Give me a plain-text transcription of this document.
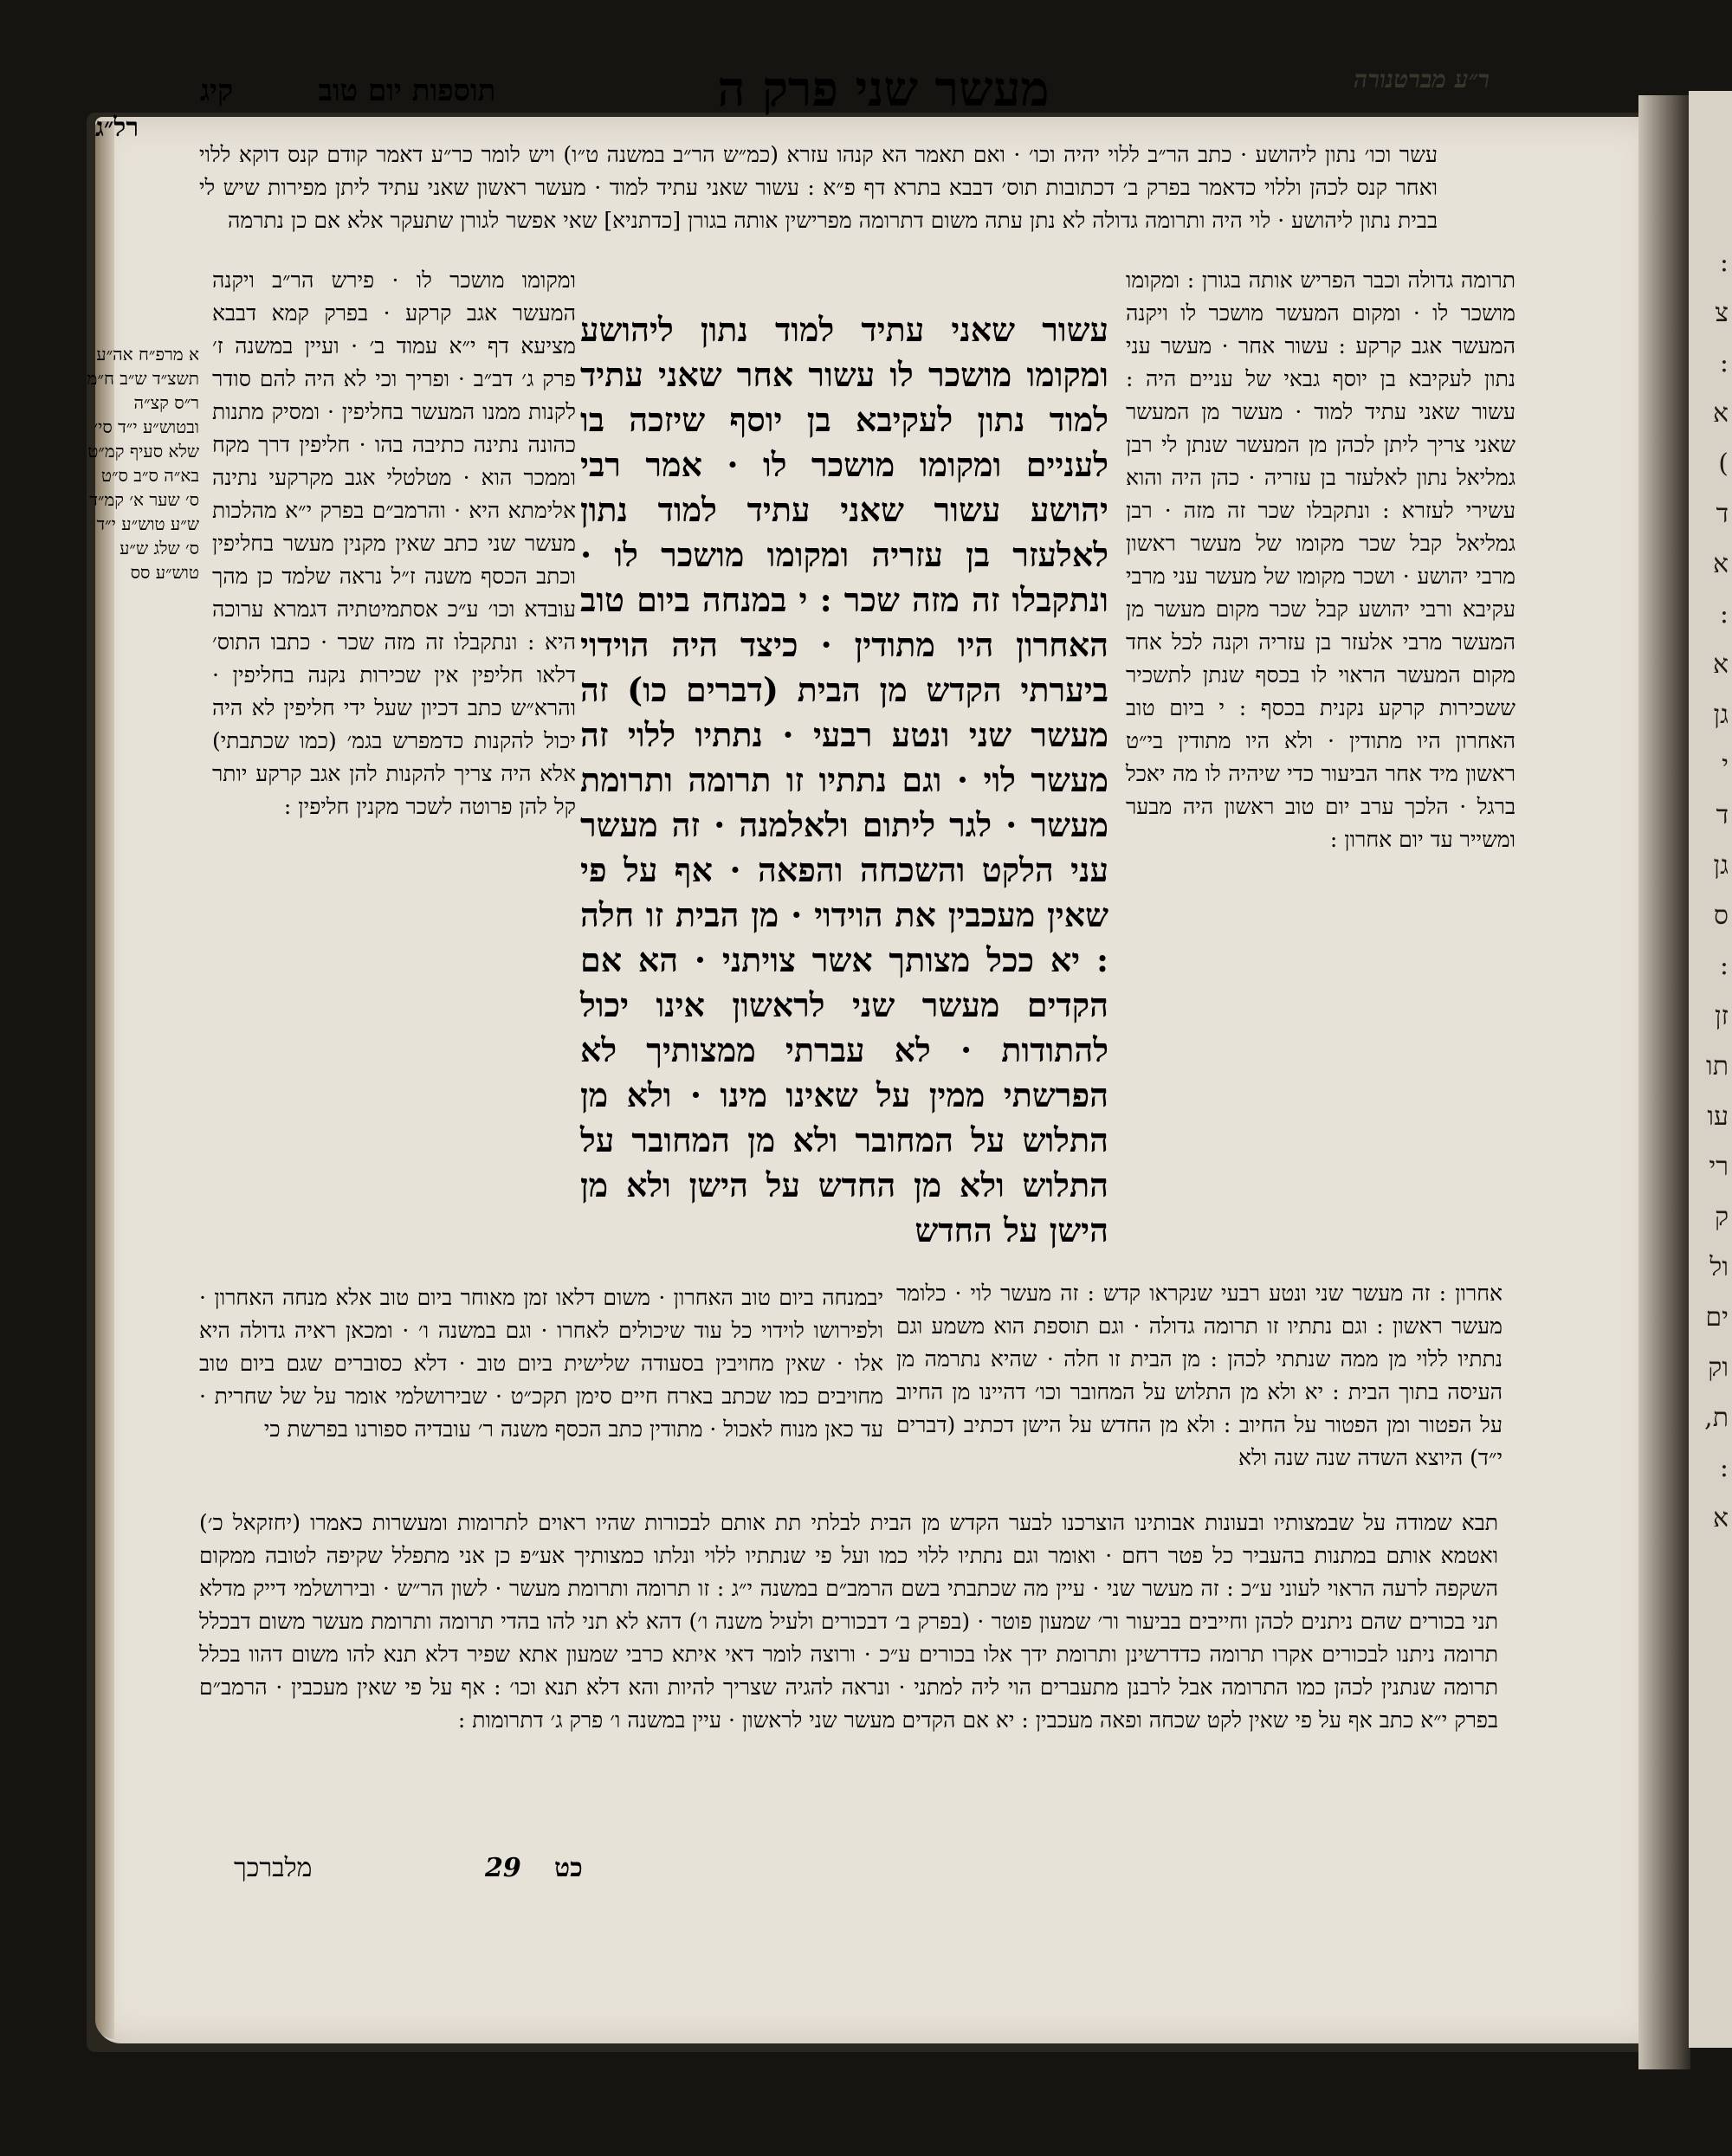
:
צ
:
א
)
ד
א
:
א
גן
י
ד
גן
ס
:
זן
תו
עו
רי
ק
ול
ים
וק
ת,
:
א
מעשר שני פרק ה
תוספות יום טוב
קיג	ר״ע מברטנורה
רל״ג
עשר וכו׳ נתון ליהושע · כתב הר״ב ללוי יהיה וכו׳ · ואם תאמר הא קנהו עזרא (כמ״ש הר״ב במשנה ט״ו) ויש לומר כר״ע דאמר קודם קנס דוקא ללוי ואחר קנס לכהן וללוי כדאמר בפרק ב׳ דכתובות תוס׳ דבבא בתרא דף פ״א : עשור שאני עתיד למוד · מעשר ראשון שאני עתיד ליתן מפירות שיש לי בבית נתון ליהושע · לוי היה ותרומה גדולה לא נתן עתה משום דתרומה מפרישין אותה בגורן [כדתניא] שאי אפשר לגורן שתעקר אלא אם כן נתרמה
תרומה גדולה וכבר הפריש אותה בגורן : ומקומו מושכר לו · ומקום המעשר מושכר לו ויקנה המעשר אגב קרקע : עשור אחר · מעשר עני נתון לעקיבא בן יוסף גבאי של עניים היה : עשור שאני עתיד למוד · מעשר מן המעשר שאני צריך ליתן לכהן מן המעשר שנתן לי רבן גמליאל נתון לאלעזר בן עזריה · כהן היה והוא עשירי לעזרא : ונתקבלו שכר זה מזה · רבן גמליאל קבל שכר מקומו של מעשר ראשון מרבי יהושע · ושכר מקומו של מעשר עני מרבי עקיבא ורבי יהושע קבל שכר מקום מעשר מן המעשר מרבי אלעזר בן עזריה וקנה לכל אחד מקום המעשר הראוי לו בכסף שנתן לתשכיר ששכירות קרקע נקנית בכסף : י ביום טוב האחרון היו מתודין · ולא היו מתודין בי״ט ראשון מיד אחר הביעור כדי שיהיה לו מה יאכל ברגל · הלכך ערב יום טוב ראשון היה מבער ומשייר עד יום אחרון :
עשור שאני עתיד למוד נתון ליהושע ומקומו מושכר לו עשור אחר שאני עתיד למוד נתון לעקיבא בן יוסף שיזכה בו לעניים ומקומו מושכר לו · אמר רבי יהושע עשור שאני עתיד למוד נתון לאלעזר בן עזריה ומקומו מושכר לו · ונתקבלו זה מזה שכר : י במנחה ביום טוב האחרון היו מתודין · כיצד היה הוידוי ביערתי הקדש מן הבית (דברים כו) זה מעשר שני ונטע רבעי · נתתיו ללוי זה מעשר לוי · וגם נתתיו זו תרומה ותרומת מעשר · לגר ליתום ולאלמנה · זה מעשר עני הלקט והשכחה והפאה · אף על פי שאין מעכבין את הוידוי · מן הבית זו חלה : יא ככל מצותך אשר צויתני · הא אם הקדים מעשר שני לראשון אינו יכול להתודות · לא עברתי ממצותיך לא הפרשתי ממין על שאינו מינו · ולא מן התלוש על המחובר ולא מן המחובר על התלוש ולא מן החדש על הישן ולא מן הישן על החדש
ומקומו מושכר לו · פירש הר״ב ויקנה המעשר אגב קרקע · בפרק קמא דבבא מציעא דף י״א עמוד ב׳ · ועיין במשנה ז׳ פרק ג׳ דב״ב · ופריך וכי לא היה להם סודר לקנות ממנו המעשר בחליפין · ומסיק מתנות כהונה נתינה כתיבה בהו · חליפין דרך מקח וממכר הוא · מטלטלי אגב מקרקעי נתינה אלימתא היא · והרמב״ם בפרק י״א מהלכות מעשר שני כתב שאין מקנין מעשר בחליפין וכתב הכסף משנה ז״ל נראה שלמד כן מהך עובדא וכו׳ ע״כ אסתמיטתיה דגמרא ערוכה היא : ונתקבלו זה מזה שכר · כתבו התוס׳ דלאו חליפין אין שכירות נקנה בחליפין · והרא״ש כתב דכיון שעל ידי חליפין לא היה יכול להקנות כדמפרש בגמ׳ (כמו שכתבתי) אלא היה צריך להקנות להן אגב קרקע יותר קל להן פרוטה לשכר מקנין חליפין :
א מרפ״ח אה״ע תשצ״ד ש״ב ח״מ ר״ס קצ״ה ובטוש״ע י״ד סי׳ שלא סעיף קמ״ט בא״ה ס״ב ס״ט ס׳ שער א׳ קמ״ד ש״ע טוש״ע י״ד ס׳ שלג ש״ע טוש״ע סס
אחרון : זה מעשר שני ונטע רבעי שנקראו קדש : זה מעשר לוי · כלומר מעשר ראשון : וגם נתתיו זו תרומה גדולה · וגם תוספת הוא משמע וגם נתתיו ללוי מן ממה שנתתי לכהן : מן הבית זו חלה · שהיא נתרמה מן העיסה בתוך הבית : יא ולא מן התלוש על המחובר וכו׳ דהיינו מן החיוב על הפטור ומן הפטור על החיוב : ולא מן החדש על הישן דכתיב (דברים י״ד) היוצא השדה שנה שנה ולא
יבמנחה ביום טוב האחרון · משום דלאו זמן מאוחר ביום טוב אלא מנחה האחרון · ולפירושו לוידוי כל עוד שיכולים לאחרו · וגם במשנה ו׳ · ומכאן ראיה גדולה היא אלו · שאין מחויבין בסעודה שלישית ביום טוב · דלא כסוברים שגם ביום טוב מחויבים כמו שכתב בארח חיים סימן תקכ״ט · שבירושלמי אומר על של שחרית · עד כאן מנוח לאכול · מתודין כתב הכסף משנה ר׳ עובדיה ספורנו בפרשת כי
תבא שמודה על שבמצותיו ובעונות אבותינו הוצרכנו לבער הקדש מן הבית לבלתי תת אותם לבכורות שהיו ראוים לתרומות ומעשרות כאמרו (יחזקאל כ׳) ואטמא אותם במתנות בהעביר כל פטר רחם · ואומר וגם נתתיו ללוי כמו ועל פי שנתתיו ללוי ונלתו כמצותיך אע״פ כן אני מתפלל שקיפה לטובה ממקום השקפה לרעה הראוי לעוני ע״כ : זה מעשר שני · עיין מה שכתבתי בשם הרמב״ם במשנה י״ג : זו תרומה ותרומת מעשר · לשון הר״ש · ובירושלמי דייק מדלא תני בכורים שהם ניתנים לכהן וחייבים בביעור ור׳ שמעון פוטר · (בפרק ב׳ דבכורים ולעיל משנה ו׳) דהא לא תני להו בהדי תרומה ותרומת מעשר משום דבכלל תרומה ניתנו לבכורים אקרו תרומה כדדרשינן ותרומת ידך אלו בכורים ע״כ · ורוצה לומר דאי איתא כרבי שמעון אתא שפיר דלא תנא להו משום דהוו בכלל תרומה שנתנין לכהן כמו התרומה אבל לרבנן מתעברים הוי ליה למתני · ונראה להגיה שצריך להיות והא דלא תנא וכו׳ : אף על פי שאין מעכבין · הרמב״ם בפרק י״א כתב אף על פי שאין לקט שכחה ופאה מעכבין : יא אם הקדים מעשר שני לראשון · עיין במשנה ו׳ פרק ג׳ דתרומות :
כט
29
מלברכך
